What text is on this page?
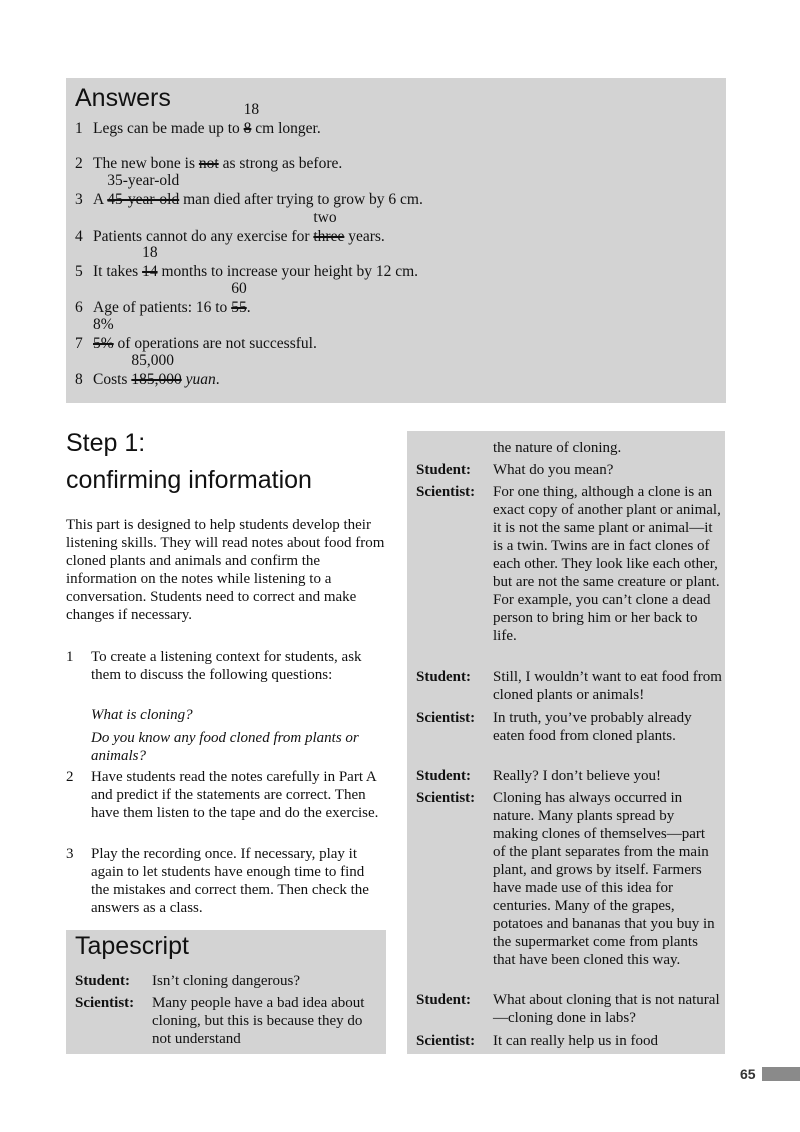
Answers
1 Legs can be made up to 8
18
cm longer.
2 The new bone is not as strong as before.
3 A 45-year-old
35-year-old
man died after trying to grow by 6 cm.
4 Patients cannot do any exercise for three
two
years.
5 It takes 14
18
months to increase your height by 12 cm.
6 Age of patients: 16 to 55
60
.
7 5%
8%
of operations are not successful.
8 Costs 185,000
85,000
yuan.
Step 1:
confirming information

This part is designed to help students develop their listening skills. They will read notes about food from cloned plants and animals and confirm the information on the notes while listening to a conversation. Students need to correct and make changes if necessary.

1 To create a listening context for students, ask them to discuss the following questions:
What is cloning?
Do you know any food cloned from plants or animals?
2 Have students read the notes carefully in Part A and predict if the statements are correct. Then have them listen to the tape and do the exercise.
3 Play the recording once. If necessary, play it again to let students have enough time to find the mistakes and correct them. Then check the answers as a class.
Tapescript
Student: Isn’t cloning dangerous?
Scientist: Many people have a bad idea about cloning, but this is because they do not understand
the nature of cloning.
Student: What do you mean?
Scientist: For one thing, although a clone is an exact copy of another plant or animal, it is not the same plant or animal—it is a twin. Twins are in fact clones of each other. They look like each other, but are not the same creature or plant. For example, you can’t clone a dead person to bring him or her back to life.
Student: Still, I wouldn’t want to eat food from cloned plants or animals!
Scientist: In truth, you’ve probably already eaten food from cloned plants.
Student: Really? I don’t believe you!
Scientist: Cloning has always occurred in nature. Many plants spread by making clones of themselves—part of the plant separates from the main plant, and grows by itself. Farmers have made use of this idea for centuries. Many of the grapes, potatoes and bananas that you buy in the supermarket come from plants that have been cloned this way.
Student: What about cloning that is not natural—cloning done in labs?
Scientist: It can really help us in food
65
